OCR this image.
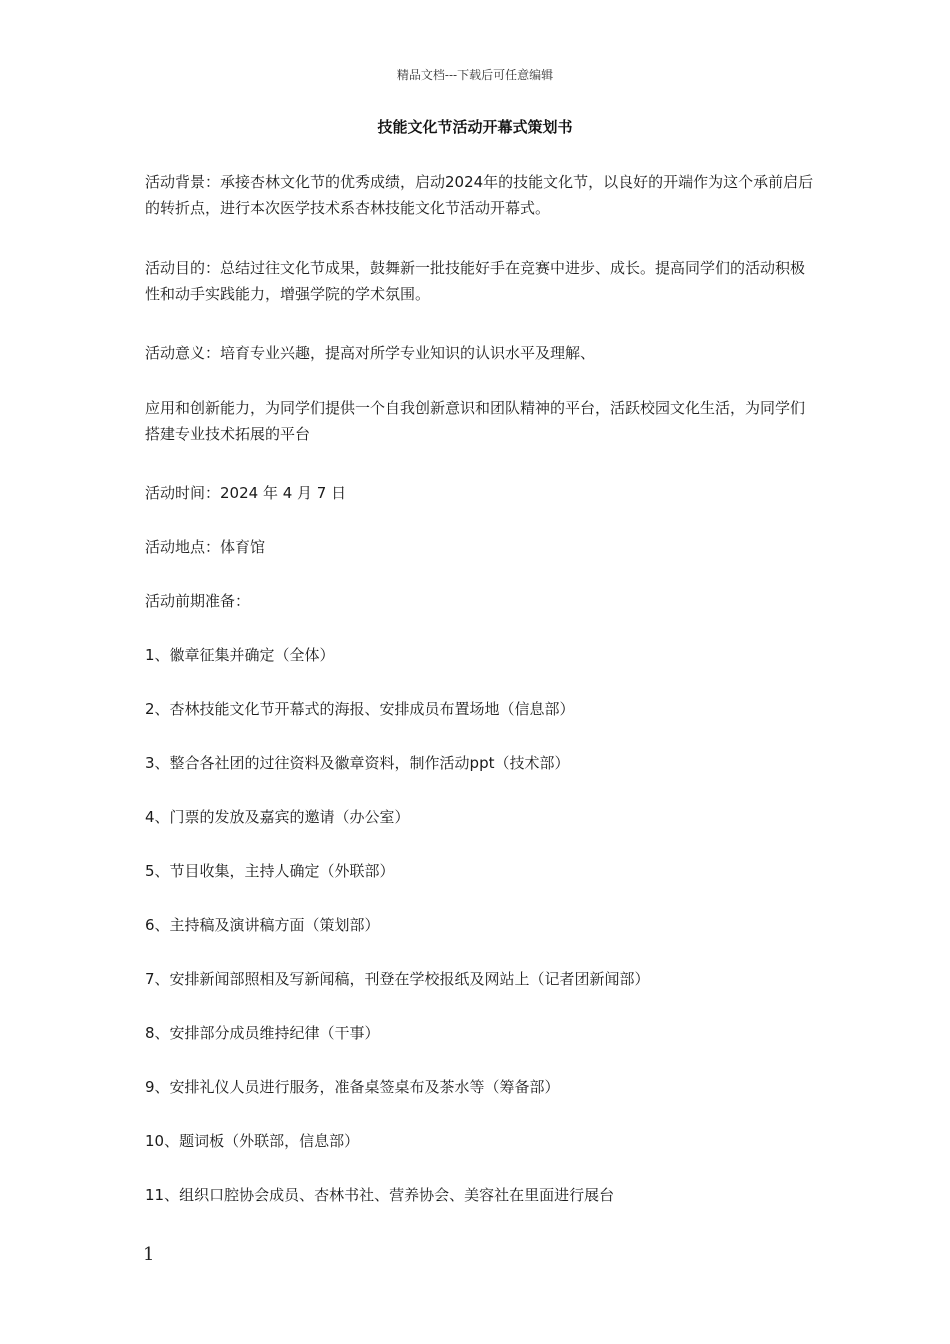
精品文档---下载后可任意编辑
技能文化节活动开幕式策划书
活动背景：承接杏林文化节的优秀成绩，启动2024年的技能文化节，以良好的开端作为这个承前启后的转折点，进行本次医学技术系杏林技能文化节活动开幕式。
活动目的：总结过往文化节成果，鼓舞新一批技能好手在竞赛中进步、成长。提高同学们的活动积极性和动手实践能力，增强学院的学术氛围。
活动意义：培育专业兴趣，提高对所学专业知识的认识水平及理解、
应用和创新能力，为同学们提供一个自我创新意识和团队精神的平台，活跃校园文化生活，为同学们搭建专业技术拓展的平台
活动时间：2024 年 4 月 7 日
活动地点：体育馆
活动前期准备：
1、徽章征集并确定（全体）
2、杏林技能文化节开幕式的海报、安排成员布置场地（信息部）
3、整合各社团的过往资料及徽章资料，制作活动ppt（技术部）
4、门票的发放及嘉宾的邀请（办公室）
5、节目收集，主持人确定（外联部）
6、主持稿及演讲稿方面（策划部）
7、安排新闻部照相及写新闻稿，刊登在学校报纸及网站上（记者团新闻部）
8、安排部分成员维持纪律（干事）
9、安排礼仪人员进行服务，准备桌签桌布及茶水等（筹备部）
10、题词板（外联部，信息部）
11、组织口腔协会成员、杏林书社、营养协会、美容社在里面进行展台
1
